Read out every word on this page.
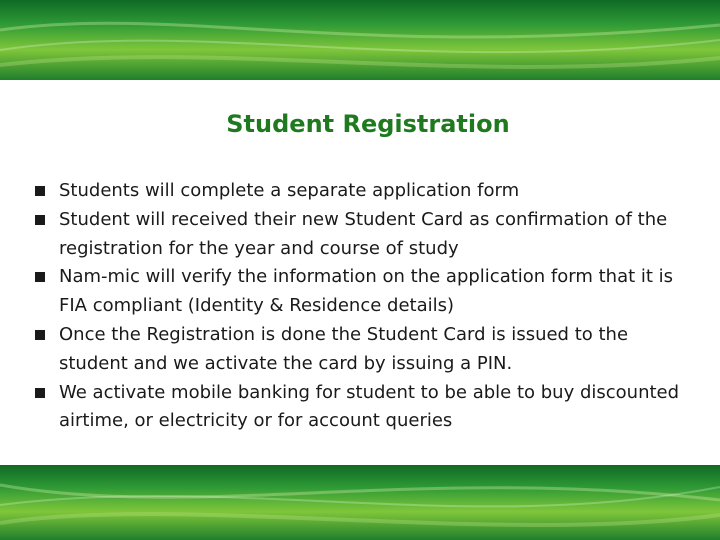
Student Registration
Students will complete a separate application form
Student will received their new Student Card as confirmation of the registration for the year and course of study
Nam-mic will verify the information on the application form that it is FIA compliant (Identity & Residence details)
Once the Registration is done the Student Card is issued to the student and we activate the card by issuing a PIN.
We activate mobile banking for student to be able to buy discounted airtime, or electricity or for account queries
